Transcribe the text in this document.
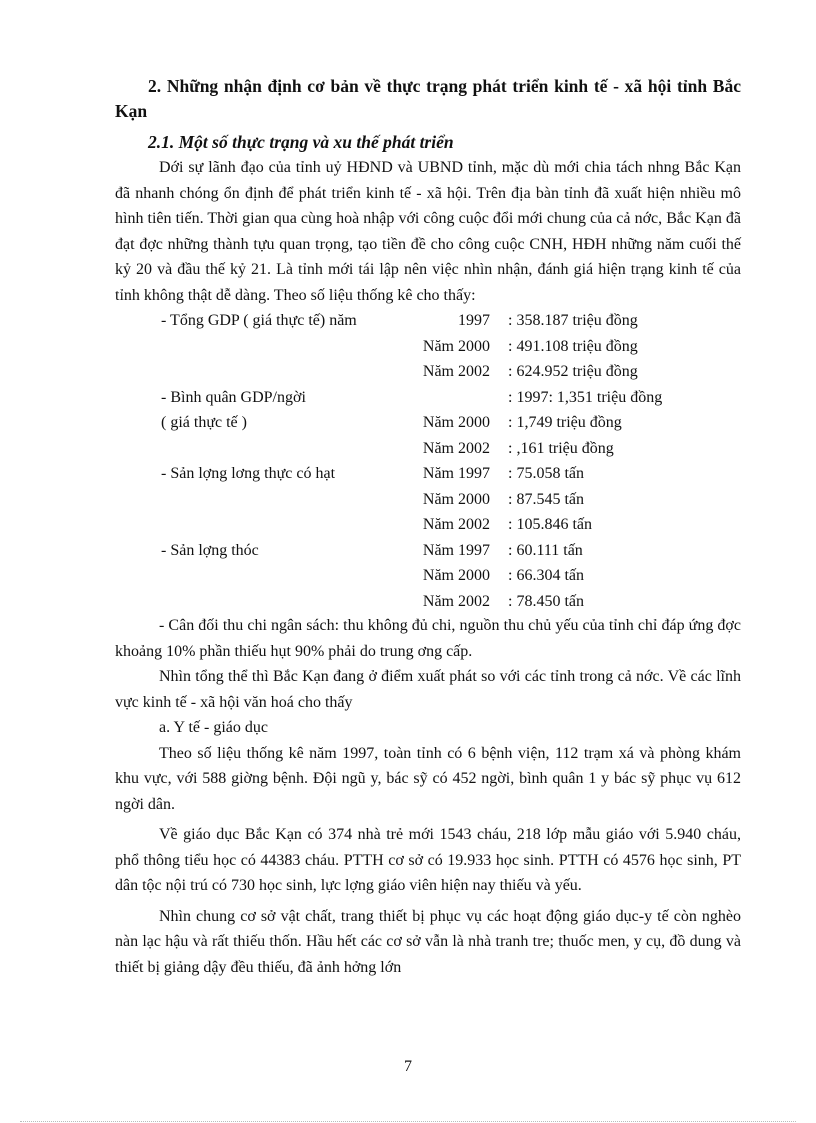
2. Những nhận định cơ bản về thực trạng phát triển kinh tế - xã hội tỉnh Bắc Kạn

2.1. Một số thực trạng và xu thế phát triển

Dới sự lãnh đạo của tỉnh uỷ HĐND và UBND tỉnh, mặc dù mới chia tách nhng Bắc Kạn đã nhanh chóng ổn định để phát triển kinh tế - xã hội. Trên địa bàn tỉnh đã xuất hiện nhiều mô hình tiên tiến. Thời gian qua cùng hoà nhập với công cuộc đổi mới chung của cả nớc, Bắc Kạn đã đạt đợc những thành tựu quan trọng, tạo tiền đề cho công cuộc CNH, HĐH những năm cuối thế kỷ 20 và đầu thế kỷ 21. Là tỉnh mới tái lập nên việc nhìn nhận, đánh giá hiện trạng kinh tế của tỉnh không thật dễ dàng. Theo số liệu thống kê cho thấy:

- Tổng GDP ( giá thực tế) năm	1997 : 358.187 triệu đồng
Năm 2000 : 491.108 triệu đồng
Năm 2002 : 624.952 triệu đồng
- Bình quân GDP/ngời	: 1997: 1,351 triệu đồng
( giá thực tế )	Năm 2000 : 1,749 triệu đồng
Năm 2002 : ,161 triệu đồng
- Sản lợng lơng thực có hạt	Năm 1997 : 75.058 tấn
Năm 2000 : 87.545 tấn
Năm 2002 : 105.846 tấn
- Sản lợng thóc	Năm 1997 : 60.111 tấn
Năm 2000 : 66.304 tấn
Năm 2002 : 78.450 tấn

- Cân đối thu chi ngân sách: thu không đủ chi, nguồn thu chủ yếu của tỉnh chỉ đáp ứng đợc khoảng 10% phần thiếu hụt 90% phải do trung ơng cấp.

Nhìn tổng thể thì Bắc Kạn đang ở điểm xuất phát so với các tỉnh trong cả nớc. Về các lĩnh vực kinh tế - xã hội văn hoá cho thấy

a. Y tế - giáo dục

Theo số liệu thống kê năm 1997, toàn tỉnh có 6 bệnh viện, 112 trạm xá và phòng khám khu vực, với 588 giờng bệnh. Đội ngũ y, bác sỹ có 452 ngời, bình quân 1 y bác sỹ phục vụ 612 ngời dân.

Về giáo dục Bắc Kạn có 374 nhà trẻ mới 1543 cháu, 218 lớp mẫu giáo với 5.940 cháu, phổ thông tiểu học có 44383 cháu. PTTH cơ sở có 19.933 học sinh. PTTH có 4576 học sinh, PT dân tộc nội trú có 730 học sinh, lực lợng giáo viên hiện nay thiếu và yếu.

Nhìn chung cơ sở vật chất, trang thiết bị phục vụ các hoạt động giáo dục-y tế còn nghèo nàn lạc hậu và rất thiếu thốn. Hầu hết các cơ sở vẫn là nhà tranh tre; thuốc men, y cụ, đồ dung và thiết bị giảng dậy đều thiếu, đã ảnh hởng lớn

7
